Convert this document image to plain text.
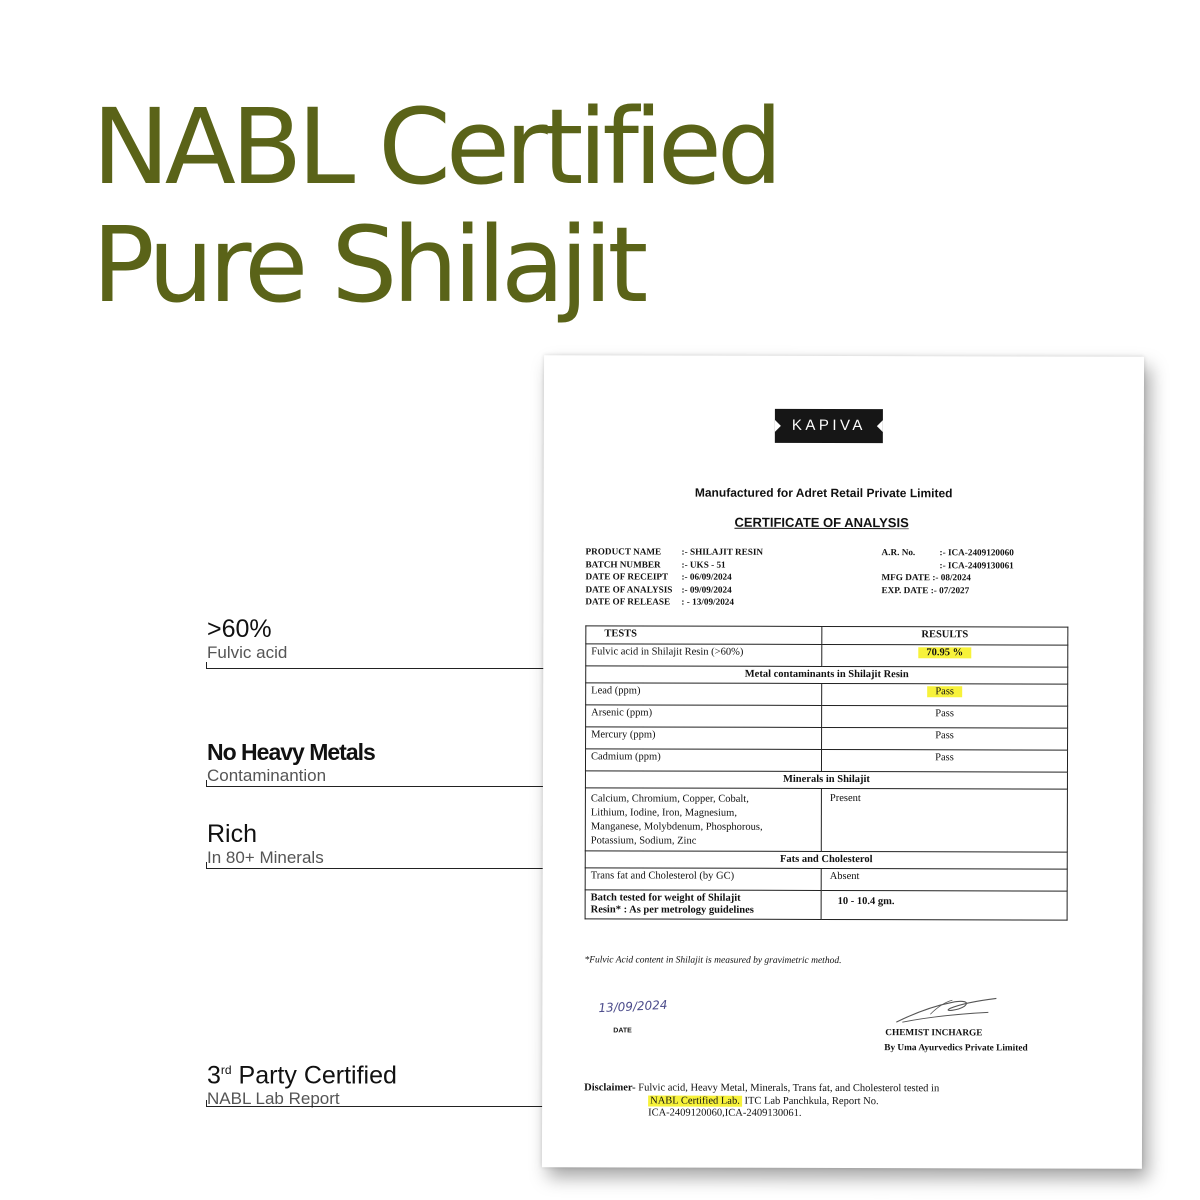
NABL Certified
Pure Shilajit
>60%
Fulvic acid
No Heavy Metals
Contaminantion
Rich
In 80+ Minerals
3rd Party Certified
NABL Lab Report
KAPIVA
Manufactured for Adret Retail Private Limited
CERTIFICATE OF ANALYSIS
PRODUCT NAME :- SHILAJIT RESIN
BATCH NUMBER :- UKS - 51
DATE OF RECEIPT :- 06/09/2024
DATE OF ANALYSIS :- 09/09/2024
DATE OF RELEASE : - 13/09/2024
A.R. No.	:- ICA-2409120060
:- ICA-2409130061
MFG DATE :- 08/2024
EXP. DATE :- 07/2027
TESTS	RESULTS
Fulvic acid in Shilajit Resin (>60%)	70.95 %
Metal contaminants in Shilajit Resin	
Lead (ppm)	Pass
Arsenic (ppm)	Pass
Mercury (ppm)	Pass
Cadmium (ppm)	Pass
Minerals in Shilajit	

Calcium, Chromium, Copper, Cobalt,
Lithium, Iodine, Iron, Magnesium,
Manganese, Molybdenum, Phosphorous,
Potassium, Sodium, Zinc	Present
Fats and Cholesterol	
Trans fat and Cholesterol (by GC)	Absent

Batch tested for weight of Shilajit
Resin* : As per metrology guidelines	10 - 10.4 gm.
*Fulvic Acid content in Shilajit is measured by gravimetric method.
13/09/2024
DATE	CHEMIST INCHARGE
By Uma Ayurvedics Private Limited
Disclaimer- Fulvic acid, Heavy Metal, Minerals, Trans fat, and Cholesterol tested in
NABL Certified Lab. ITC Lab Panchkula, Report No.
ICA-2409120060,ICA-2409130061.
